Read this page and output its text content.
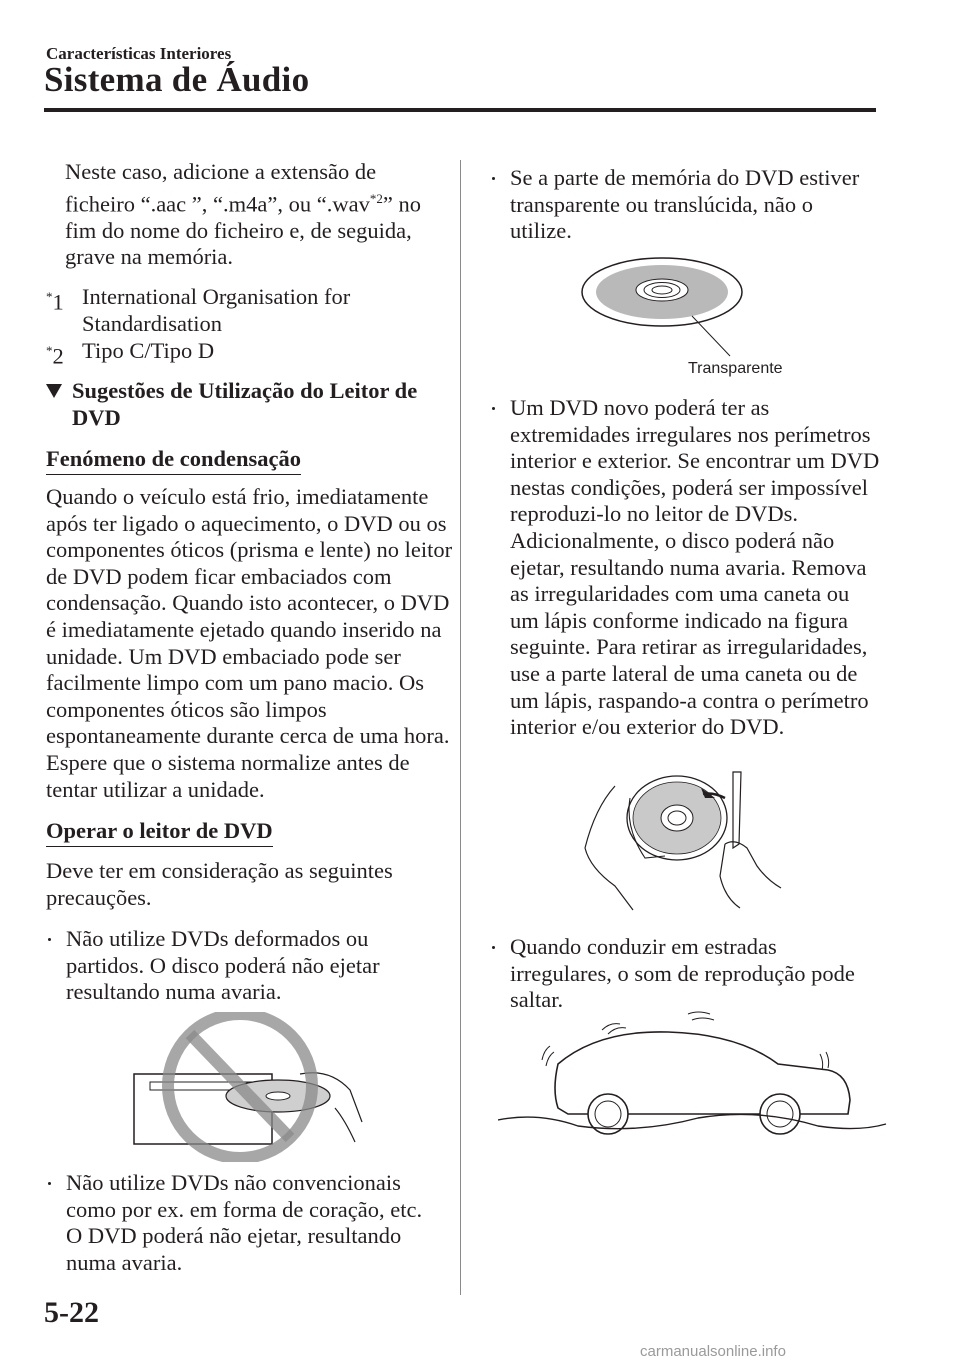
Características Interiores
Sistema de Áudio
Neste caso, adicione a extensão de ficheiro “.aac ”, “.m4a”, ou “.wav$^{*2}$” no fim do nome do ficheiro e, de seguida, grave na memória.
*1 International Organisation for Standardisation
*2 Tipo C/Tipo D
Sugestões de Utilização do Leitor de DVD
Fenómeno de condensação
Quando o veículo está frio, imediatamente após ter ligado o aquecimento, o DVD ou os componentes óticos (prisma e lente) no leitor de DVD podem ficar embaciados com condensação. Quando isto acontecer, o DVD é imediatamente ejetado quando inserido na unidade. Um DVD embaciado pode ser facilmente limpo com um pano macio. Os componentes óticos são limpos espontaneamente durante cerca de uma hora. Espere que o sistema normalize antes de tentar utilizar a unidade.
Operar o leitor de DVD
Deve ter em consideração as seguintes precauções.
Não utilize DVDs deformados ou partidos. O disco poderá não ejetar resultando numa avaria.
Não utilize DVDs não convencionais como por ex. em forma de coração, etc. O DVD poderá não ejetar, resultando numa avaria.
Se a parte de memória do DVD estiver transparente ou translúcida, não o utilize.
Transparente
Um DVD novo poderá ter as extremidades irregulares nos perímetros interior e exterior. Se encontrar um DVD nestas condições, poderá ser impossível reproduzi-lo no leitor de DVDs. Adicionalmente, o disco poderá não ejetar, resultando numa avaria. Remova as irregularidades com uma caneta ou um lápis conforme indicado na figura seguinte. Para retirar as irregularidades, use a parte lateral de uma caneta ou de um lápis, raspando-a contra o perímetro interior e/ou exterior do DVD.
Quando conduzir em estradas irregulares, o som de reprodução pode saltar.
5-22
carmanualsonline.info
